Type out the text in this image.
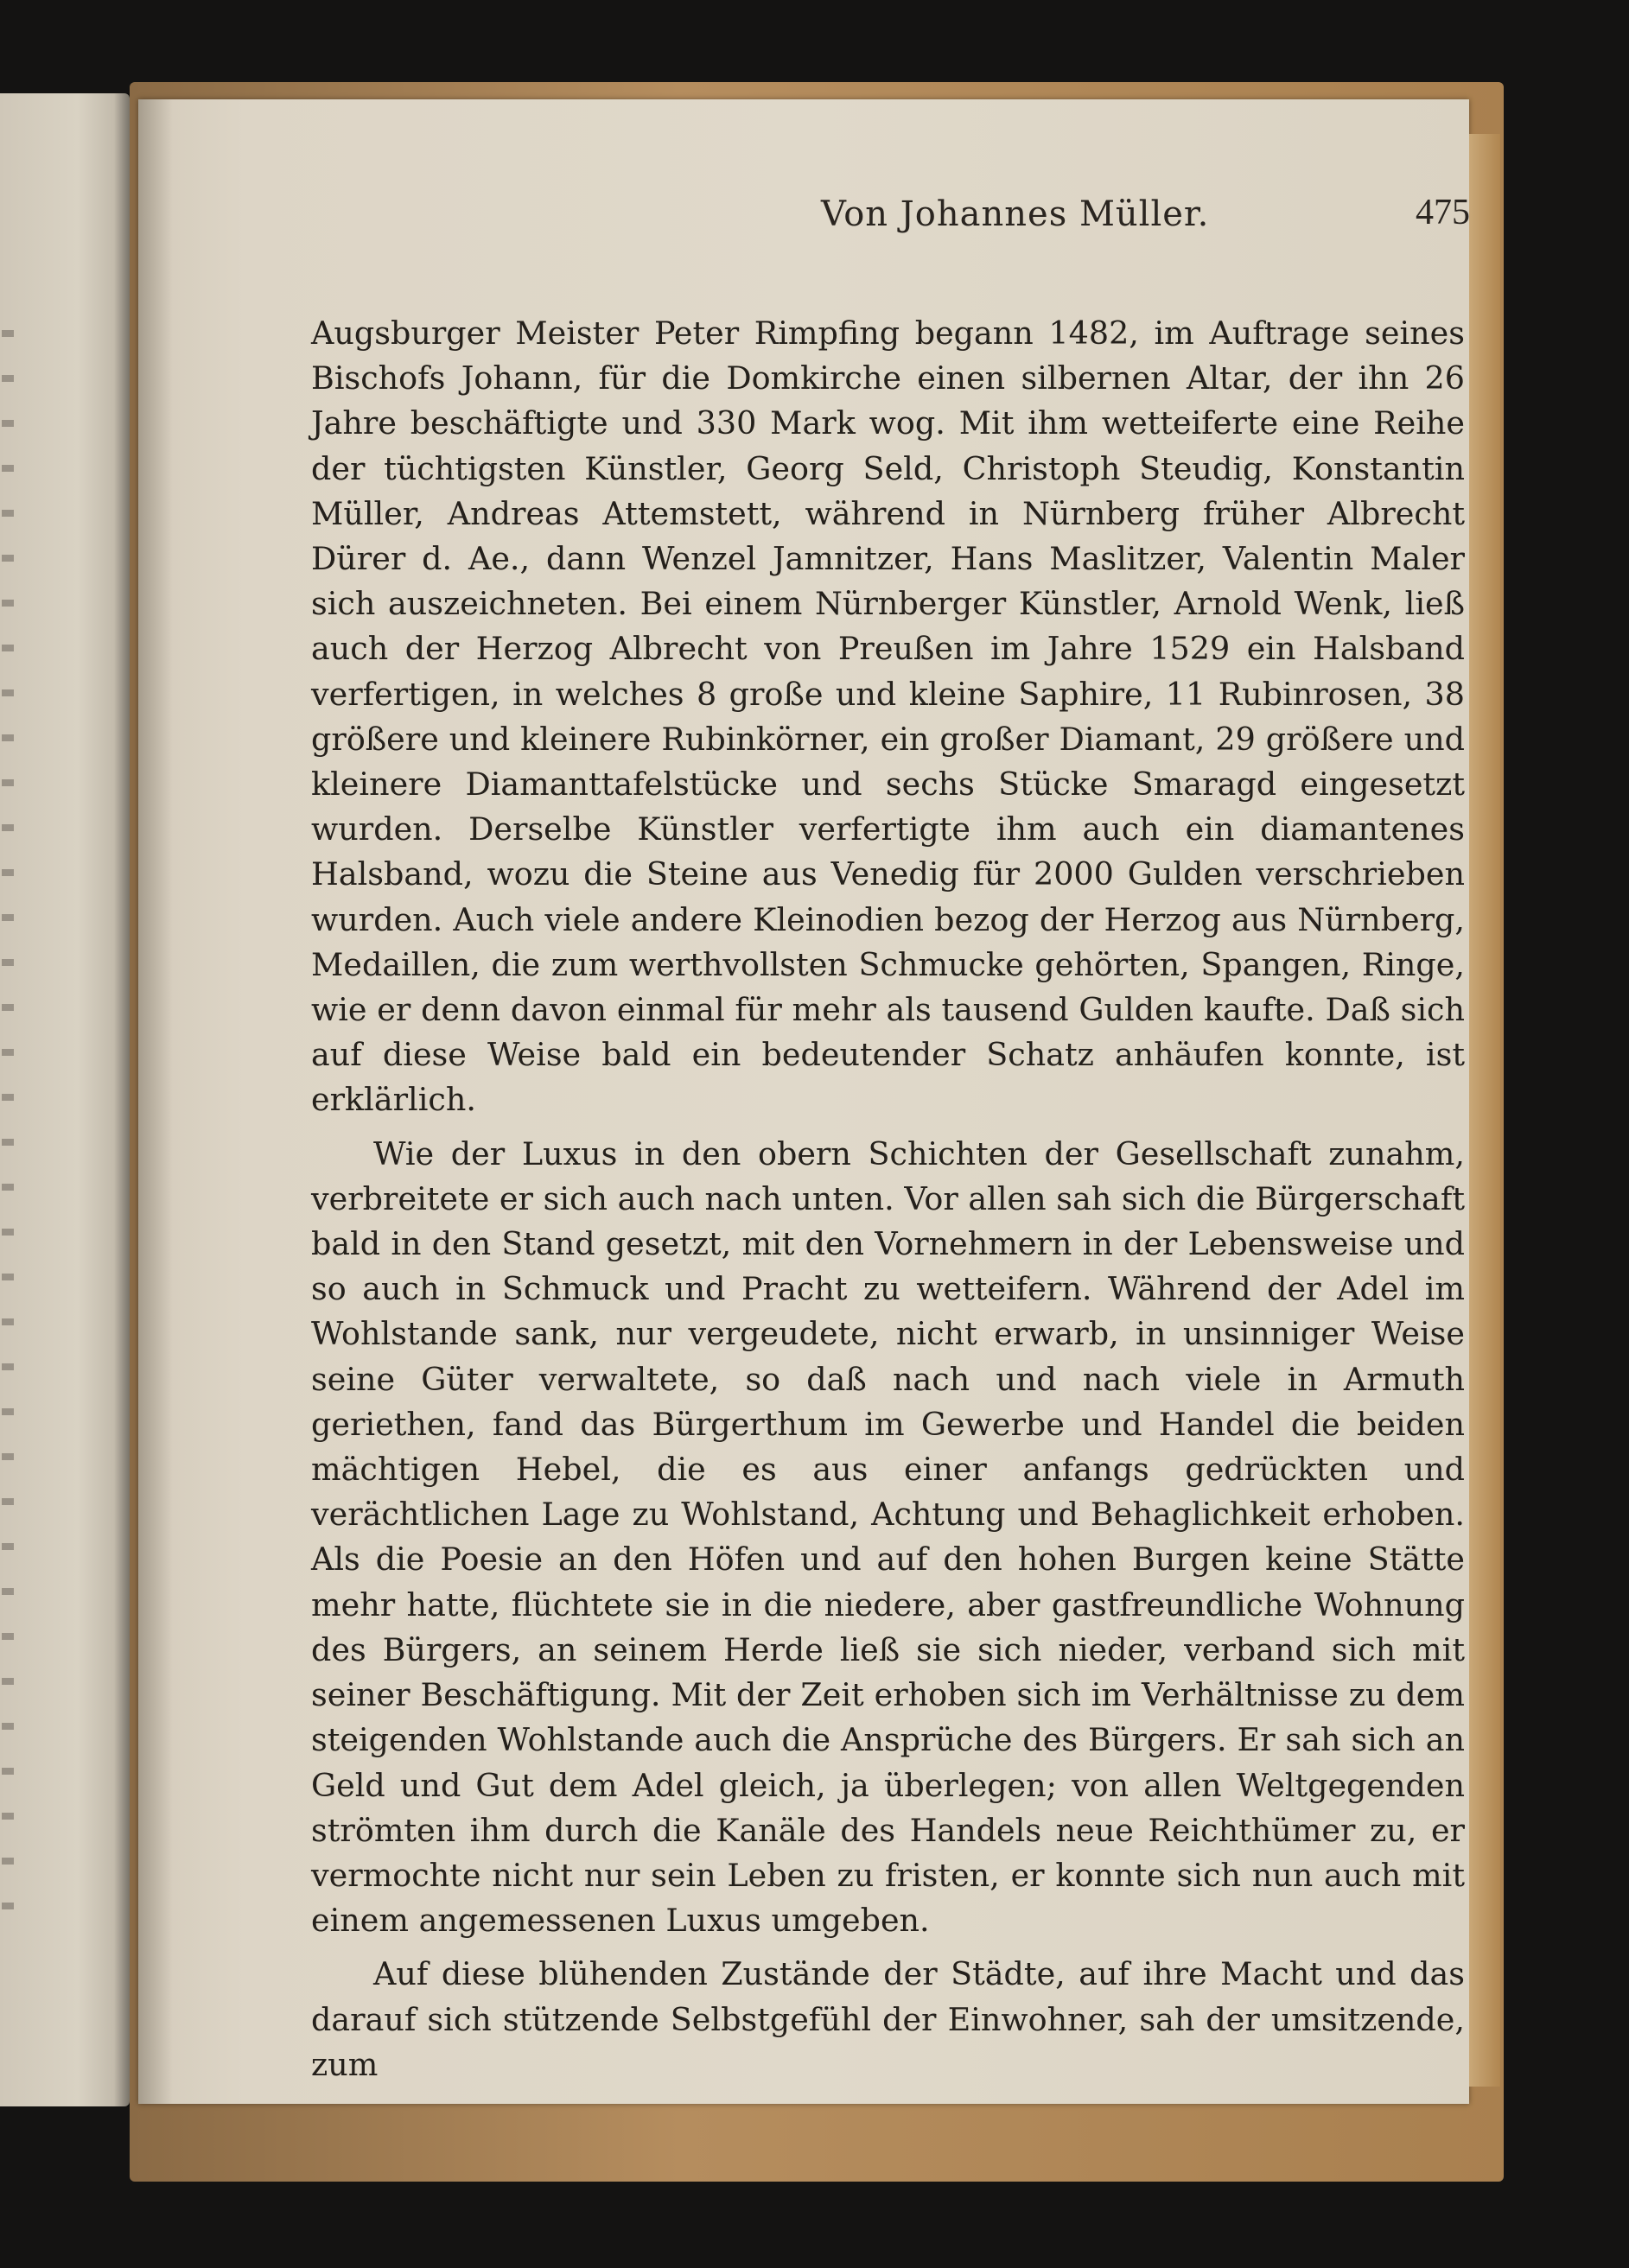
Von Johannes Müller.	475

Augsburger Meister Peter Rimpfing begann 1482, im Auftrage seines Bischofs Johann, für die Domkirche einen silbernen Altar, der ihn 26 Jahre beschäftigte und 330 Mark wog. Mit ihm wetteiferte eine Reihe der tüchtigsten Künstler, Georg Seld, Christoph Steudig, Konstantin Müller, Andreas Attemstett, während in Nürnberg früher Albrecht Dürer d. Ae., dann Wenzel Jamnitzer, Hans Maslitzer, Valentin Maler sich auszeichneten. Bei einem Nürnberger Künstler, Arnold Wenk, ließ auch der Herzog Albrecht von Preußen im Jahre 1529 ein Halsband verfertigen, in welches 8 große und kleine Saphire, 11 Rubinrosen, 38 größere und kleinere Rubinkörner, ein großer Diamant, 29 größere und kleinere Diamanttafelstücke und sechs Stücke Smaragd eingesetzt wurden. Derselbe Künstler verfertigte ihm auch ein diamantenes Halsband, wozu die Steine aus Venedig für 2000 Gulden verschrieben wurden. Auch viele andere Kleinodien bezog der Herzog aus Nürnberg, Medaillen, die zum werthvollsten Schmucke gehörten, Spangen, Ringe, wie er denn davon einmal für mehr als tausend Gulden kaufte. Daß sich auf diese Weise bald ein bedeutender Schatz anhäufen konnte, ist erklärlich.

Wie der Luxus in den obern Schichten der Gesellschaft zunahm, verbreitete er sich auch nach unten. Vor allen sah sich die Bürgerschaft bald in den Stand gesetzt, mit den Vornehmern in der Lebensweise und so auch in Schmuck und Pracht zu wetteifern. Während der Adel im Wohlstande sank, nur vergeudete, nicht erwarb, in unsinniger Weise seine Güter verwaltete, so daß nach und nach viele in Armuth geriethen, fand das Bürgerthum im Gewerbe und Handel die beiden mächtigen Hebel, die es aus einer anfangs gedrückten und verächtlichen Lage zu Wohlstand, Achtung und Behaglichkeit erhoben. Als die Poesie an den Höfen und auf den hohen Burgen keine Stätte mehr hatte, flüchtete sie in die niedere, aber gastfreundliche Wohnung des Bürgers, an seinem Herde ließ sie sich nieder, verband sich mit seiner Beschäftigung. Mit der Zeit erhoben sich im Verhältnisse zu dem steigenden Wohlstande auch die Ansprüche des Bürgers. Er sah sich an Geld und Gut dem Adel gleich, ja überlegen; von allen Weltgegenden strömten ihm durch die Kanäle des Handels neue Reichthümer zu, er vermochte nicht nur sein Leben zu fristen, er konnte sich nun auch mit einem angemessenen Luxus umgeben.

Auf diese blühenden Zustände der Städte, auf ihre Macht und das darauf sich stützende Selbstgefühl der Einwohner, sah der umsitzende, zum
